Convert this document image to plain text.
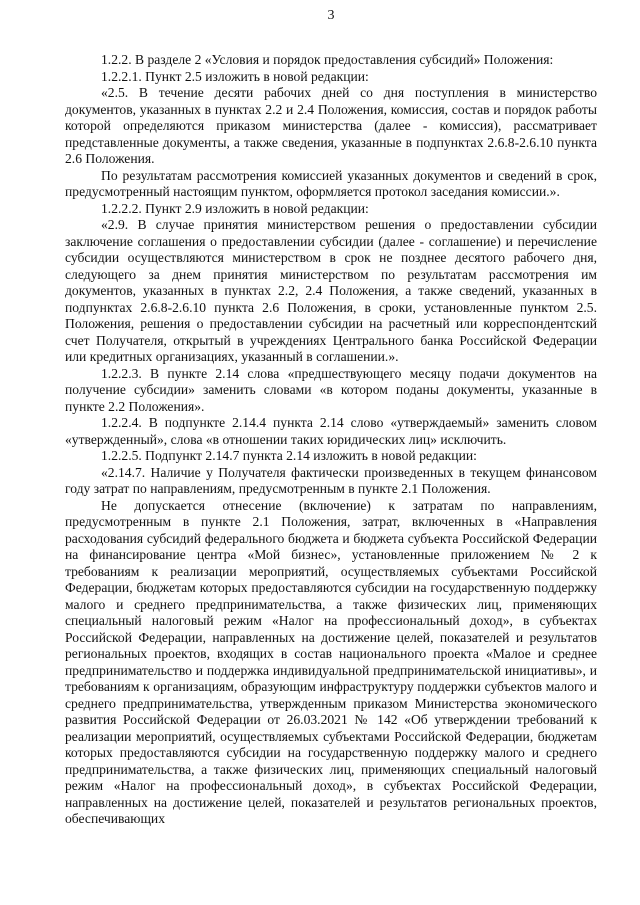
3

1.2.2. В разделе 2 «Условия и порядок предоставления субсидий» Положения:

1.2.2.1. Пункт 2.5 изложить в новой редакции:

«2.5. В течение десяти рабочих дней со дня поступления в министерство документов, указанных в пунктах 2.2 и 2.4 Положения, комиссия, состав и порядок работы которой определяются приказом министерства (далее - комиссия), рассматривает представленные документы, а также сведения, указанные в подпунктах 2.6.8-2.6.10 пункта 2.6 Положения.

По результатам рассмотрения комиссией указанных документов и сведений в срок, предусмотренный настоящим пунктом, оформляется протокол заседания комиссии.».

1.2.2.2. Пункт 2.9 изложить в новой редакции:

«2.9. В случае принятия министерством решения о предоставлении субсидии заключение соглашения о предоставлении субсидии (далее - соглашение) и перечисление субсидии осуществляются министерством в срок не позднее десятого рабочего дня, следующего за днем принятия министерством по результатам рассмотрения им документов, указанных в пунктах 2.2, 2.4 Положения, а также сведений, указанных в подпунктах 2.6.8-2.6.10 пункта 2.6 Положения, в сроки, установленные пунктом 2.5. Положения, решения о предоставлении субсидии на расчетный или корреспондентский счет Получателя, открытый в учреждениях Центрального банка Российской Федерации или кредитных организациях, указанный в соглашении.».

1.2.2.3. В пункте 2.14 слова «предшествующего месяцу подачи документов на получение субсидии» заменить словами «в котором поданы документы, указанные в пункте 2.2 Положения».

1.2.2.4. В подпункте 2.14.4 пункта 2.14 слово «утверждаемый» заменить словом «утвержденный», слова «в отношении таких юридических лиц» исключить.

1.2.2.5. Подпункт 2.14.7 пункта 2.14 изложить в новой редакции:

«2.14.7. Наличие у Получателя фактически произведенных в текущем финансовом году затрат по направлениям, предусмотренным в пункте 2.1 Положения.

Не допускается отнесение (включение) к затратам по направлениям, предусмотренным в пункте 2.1 Положения, затрат, включенных в «Направления расходования субсидий федерального бюджета и бюджета субъекта Российской Федерации на финансирование центра «Мой бизнес», установленные приложением № 2 к требованиям к реализации мероприятий, осуществляемых субъектами Российской Федерации, бюджетам которых предоставляются субсидии на государственную поддержку малого и среднего предпринимательства, а также физических лиц, применяющих специальный налоговый режим «Налог на профессиональный доход», в субъектах Российской Федерации, направленных на достижение целей, показателей и результатов региональных проектов, входящих в состав национального проекта «Малое и среднее предпринимательство и поддержка индивидуальной предпринимательской инициативы», и требованиям к организациям, образующим инфраструктуру поддержки субъектов малого и среднего предпринимательства, утвержденным приказом Министерства экономического развития Российской Федерации от 26.03.2021 № 142 «Об утверждении требований к реализации мероприятий, осуществляемых субъектами Российской Федерации, бюджетам которых предоставляются субсидии на государственную поддержку малого и среднего предпринимательства, а также физических лиц, применяющих специальный налоговый режим «Налог на профессиональный доход», в субъектах Российской Федерации, направленных на достижение целей, показателей и результатов региональных проектов, обеспечивающих
